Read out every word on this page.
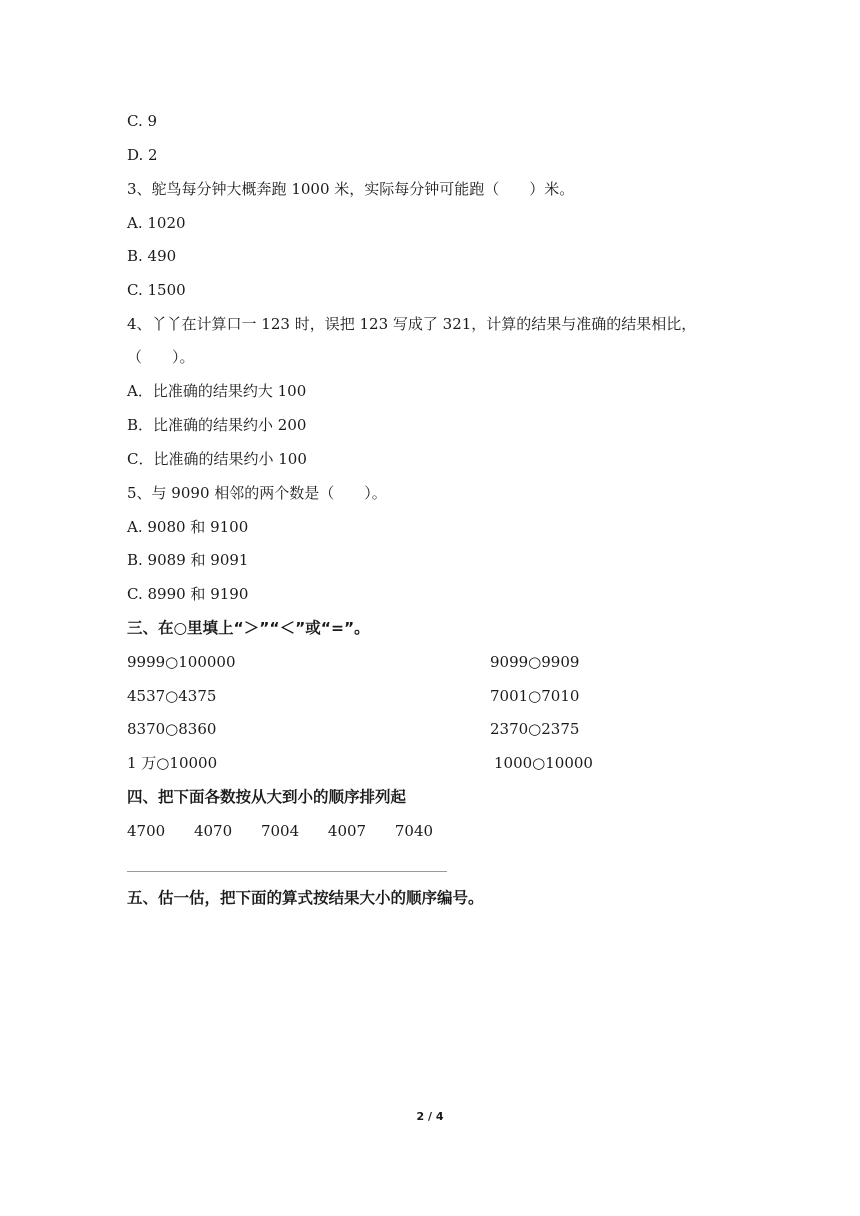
C. 9
D. 2
3、鸵鸟每分钟大概奔跑 1000 米，实际每分钟可能跑（　　）米。
A. 1020
B. 490
C. 1500
4、丫丫在计算口一 123 时，误把 123 写成了 321，计算的结果与准确的结果相比，
（　　）。
A．比准确的结果约大 100
B．比准确的结果约小 200
C．比准确的结果约小 100
5、与 9090 相邻的两个数是（　　）。
A. 9080 和 9100
B. 9089 和 9091
C. 8990 和 9190
三、在○里填上“＞”“＜”或“=”。
9999○100000	9099○9909
4537○4375	7001○7010
8370○8360	2370○2375
1 万○10000	1000○10000
四、把下面各数按从大到小的顺序排列起
4700 4070 7004 4007 7040
五、估一估，把下面的算式按结果大小的顺序编号。
2 / 4
